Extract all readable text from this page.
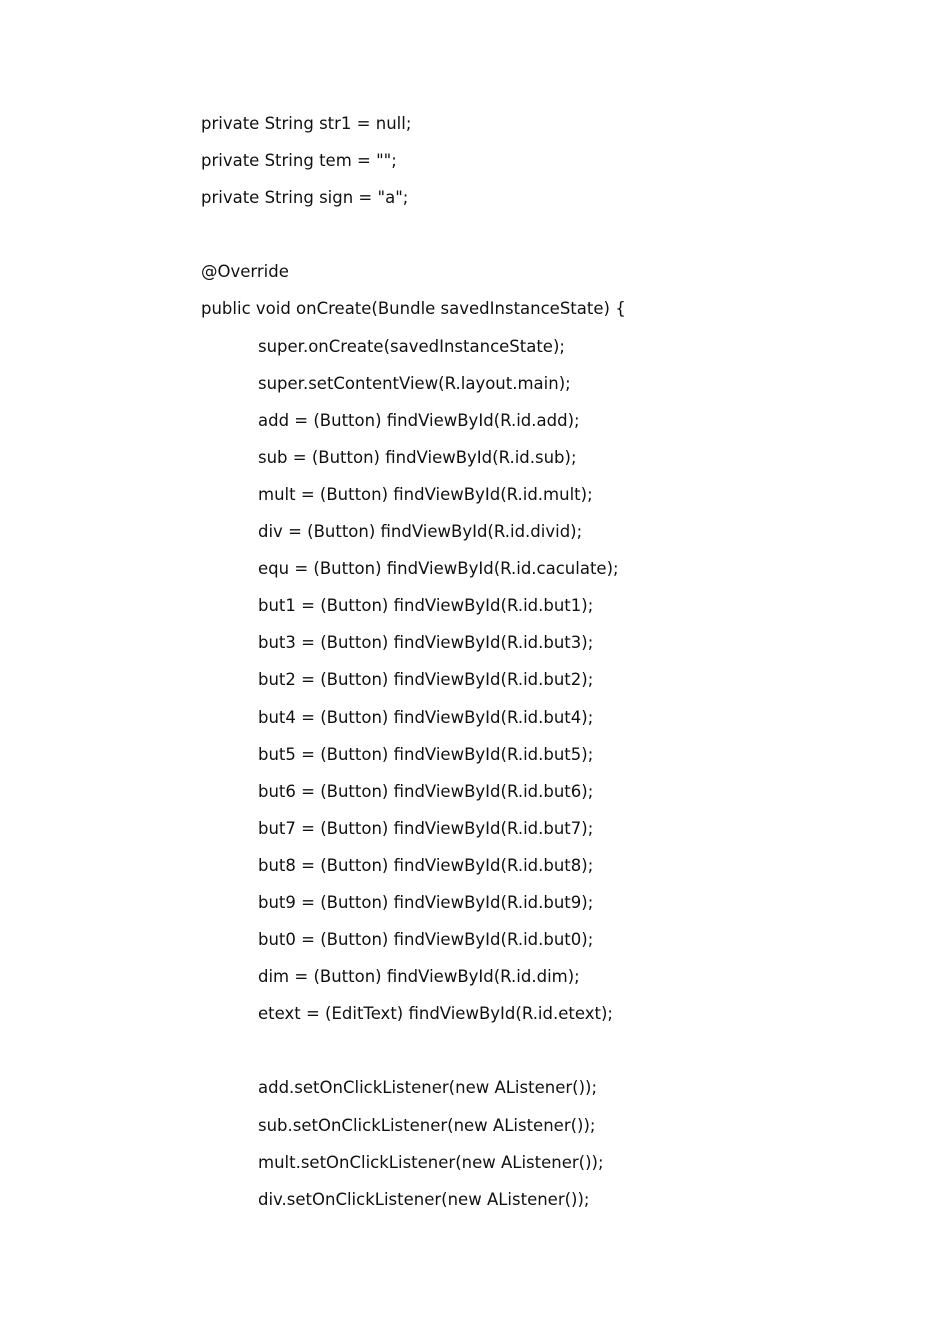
private String str1 = null;
private String tem = "";
private String sign = "a";
@Override
public void onCreate(Bundle savedInstanceState) {
super.onCreate(savedInstanceState);
super.setContentView(R.layout.main);
add = (Button) findViewById(R.id.add);
sub = (Button) findViewById(R.id.sub);
mult = (Button) findViewById(R.id.mult);
div = (Button) findViewById(R.id.divid);
equ = (Button) findViewById(R.id.caculate);
but1 = (Button) findViewById(R.id.but1);
but3 = (Button) findViewById(R.id.but3);
but2 = (Button) findViewById(R.id.but2);
but4 = (Button) findViewById(R.id.but4);
but5 = (Button) findViewById(R.id.but5);
but6 = (Button) findViewById(R.id.but6);
but7 = (Button) findViewById(R.id.but7);
but8 = (Button) findViewById(R.id.but8);
but9 = (Button) findViewById(R.id.but9);
but0 = (Button) findViewById(R.id.but0);
dim = (Button) findViewById(R.id.dim);
etext = (EditText) findViewById(R.id.etext);
add.setOnClickListener(new AListener());
sub.setOnClickListener(new AListener());
mult.setOnClickListener(new AListener());
div.setOnClickListener(new AListener());
